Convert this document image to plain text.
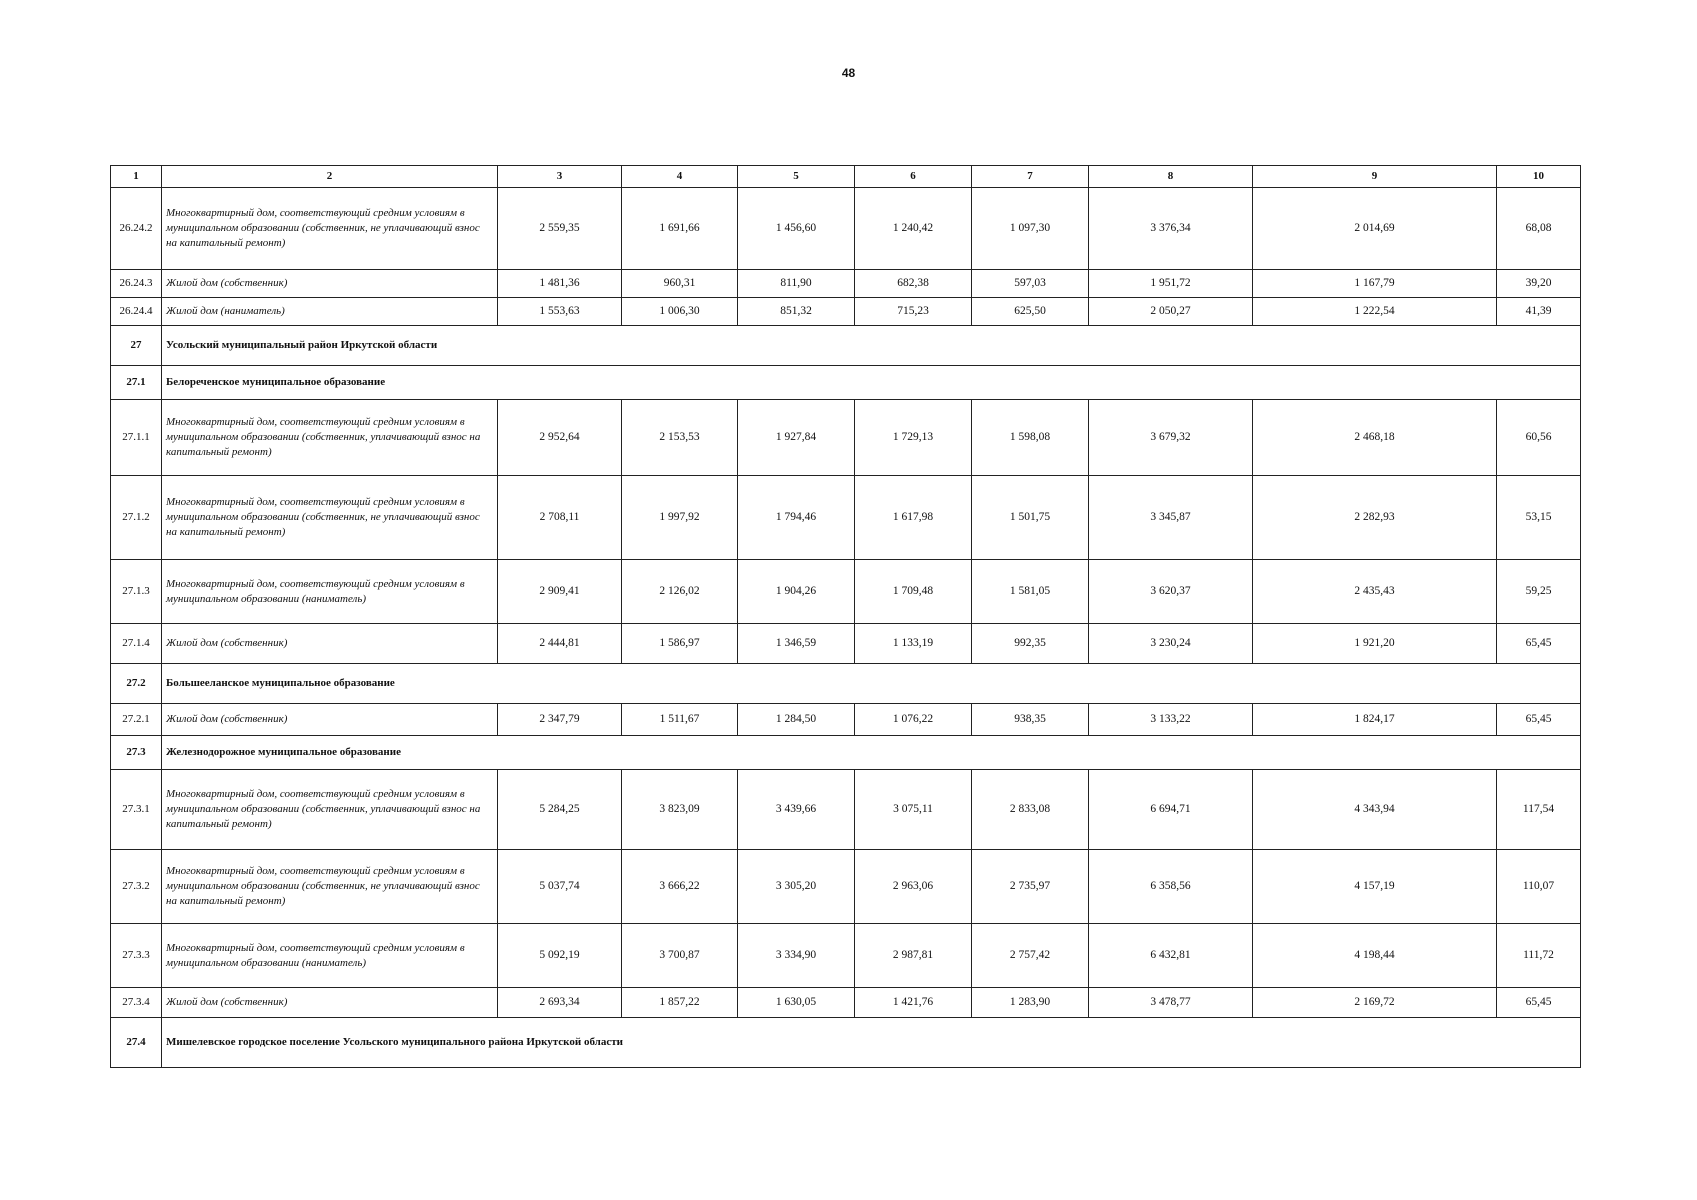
48
1	2	3	4	5	6	7	8	9	10
26.24.2	Многоквартирный дом, соответствующий средним условиям в муниципальном образовании (собственник, не уплачивающий взнос на капитальный ремонт)	2 559,35	1 691,66	1 456,60	1 240,42	1 097,30	3 376,34	2 014,69	68,08
26.24.3	Жилой дом (собственник)	1 481,36	960,31	811,90	682,38	597,03	1 951,72	1 167,79	39,20
26.24.4	Жилой дом (наниматель)	1 553,63	1 006,30	851,32	715,23	625,50	2 050,27	1 222,54	41,39
27	Усольский муниципальный район Иркутской области								
27.1	Белореченское муниципальное образование								
27.1.1	Многоквартирный дом, соответствующий средним условиям в муниципальном образовании (собственник, уплачивающий взнос на капитальный ремонт)	2 952,64	2 153,53	1 927,84	1 729,13	1 598,08	3 679,32	2 468,18	60,56
27.1.2	Многоквартирный дом, соответствующий средним условиям в муниципальном образовании (собственник, не уплачивающий взнос на капитальный ремонт)	2 708,11	1 997,92	1 794,46	1 617,98	1 501,75	3 345,87	2 282,93	53,15
27.1.3	Многоквартирный дом, соответствующий средним условиям в муниципальном образовании (наниматель)	2 909,41	2 126,02	1 904,26	1 709,48	1 581,05	3 620,37	2 435,43	59,25
27.1.4	Жилой дом (собственник)	2 444,81	1 586,97	1 346,59	1 133,19	992,35	3 230,24	1 921,20	65,45
27.2	Большееланское муниципальное образование								
27.2.1	Жилой дом (собственник)	2 347,79	1 511,67	1 284,50	1 076,22	938,35	3 133,22	1 824,17	65,45
27.3	Железнодорожное муниципальное образование								
27.3.1	Многоквартирный дом, соответствующий средним условиям в муниципальном образовании (собственник, уплачивающий взнос на капитальный ремонт)	5 284,25	3 823,09	3 439,66	3 075,11	2 833,08	6 694,71	4 343,94	117,54
27.3.2	Многоквартирный дом, соответствующий средним условиям в муниципальном образовании (собственник, не уплачивающий взнос на капитальный ремонт)	5 037,74	3 666,22	3 305,20	2 963,06	2 735,97	6 358,56	4 157,19	110,07
27.3.3	Многоквартирный дом, соответствующий средним условиям в муниципальном образовании (наниматель)	5 092,19	3 700,87	3 334,90	2 987,81	2 757,42	6 432,81	4 198,44	111,72
27.3.4	Жилой дом (собственник)	2 693,34	1 857,22	1 630,05	1 421,76	1 283,90	3 478,77	2 169,72	65,45
27.4	Мишелевское городское поселение Усольского муниципального района Иркутской области								
